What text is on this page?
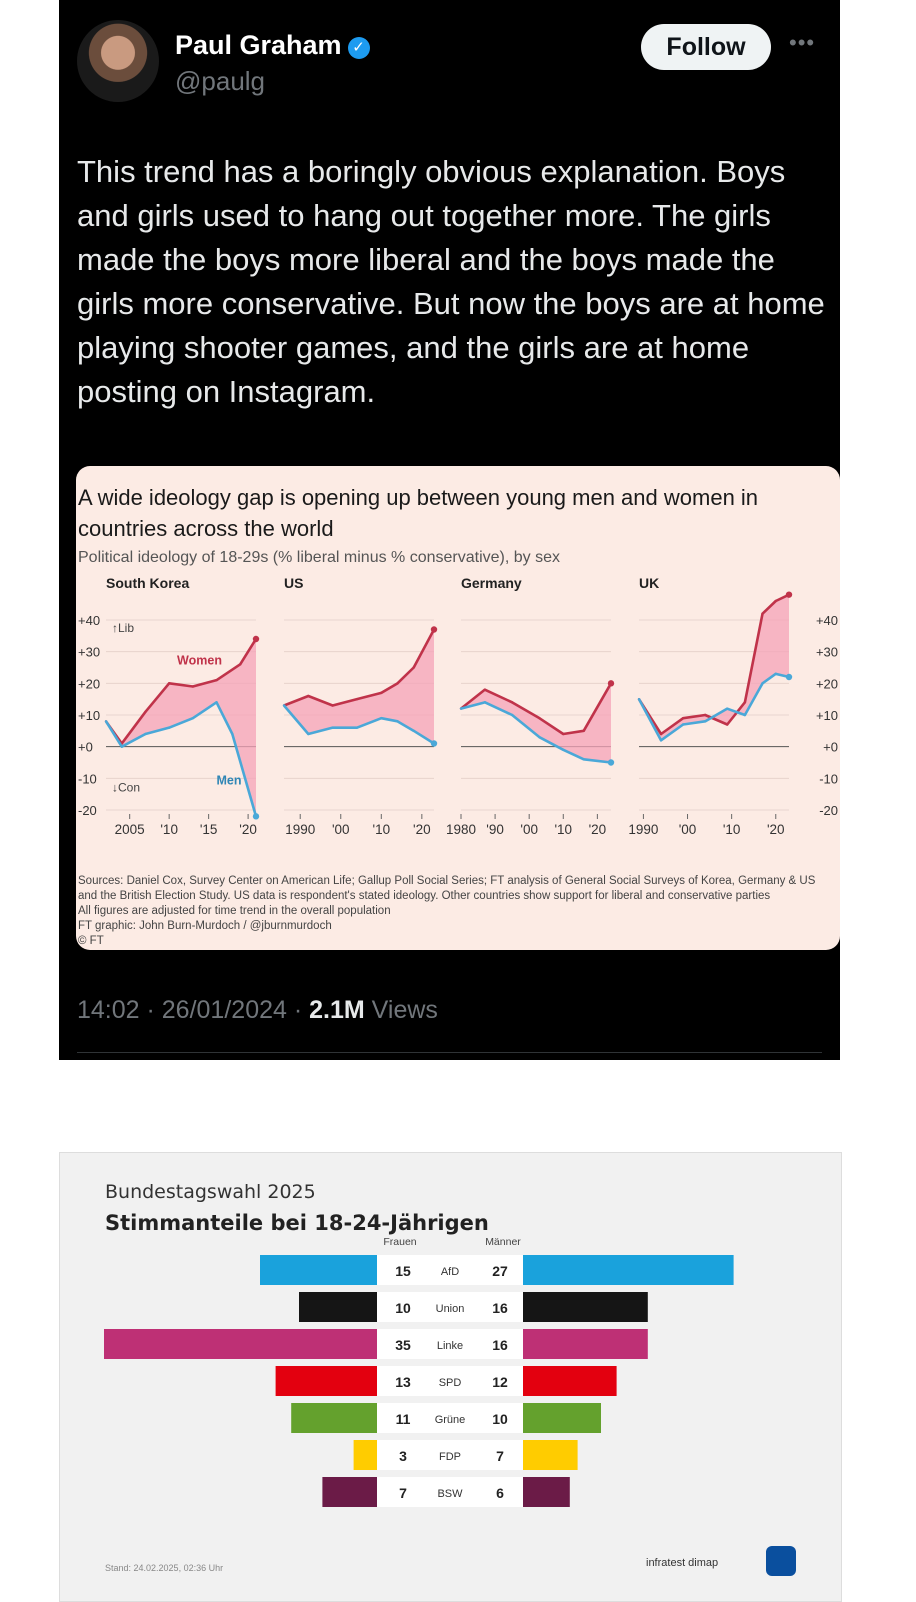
Paul Graham ✓
@paulg
Follow	•••
This trend has a boringly obvious explanation. Boys and girls used to hang out together more. The girls made the boys more liberal and the boys made the girls more conservative. But now the boys are at home playing shooter games, and the girls are at home posting on Instagram.
14:02 · 26/01/2024 · 2.1M Views
A wide ideology gap is opening up between young men and women in countries across the world
Political ideology of 18-29s (% liberal minus % conservative), by sex
+40
+30
+20
+10
+0
-10
-20
+40
+30
+20
+10
+0
-10
-20
↑Lib
↓Con
South Korea
2005 '10 '15 '20
Women
Men
US
1990 '00 '10 '20
Germany
1980 '90 '00 '10 '20
UK
1990 '00 '10 '20
Sources: Daniel Cox, Survey Center on American Life; Gallup Poll Social Series; FT analysis of General Social Surveys of Korea, Germany & US and the British Election Study. US data is respondent's stated ideology. Other countries show support for liberal and conservative parties
All figures are adjusted for time trend in the overall population
FT graphic: John Burn-Murdoch / @jburnmurdoch
© FT
Bundestagswahl 2025
Stimmanteile bei 18-24-Jährigen
Frauen	Männer
15	AfD 27
10 Union 16
35 Linke 16
13	SPD 12
11 Grüne 10
3	FDP	7
7	BSW 6
Stand: 24.02.2025, 02:36 Uhr	infratest dimap
